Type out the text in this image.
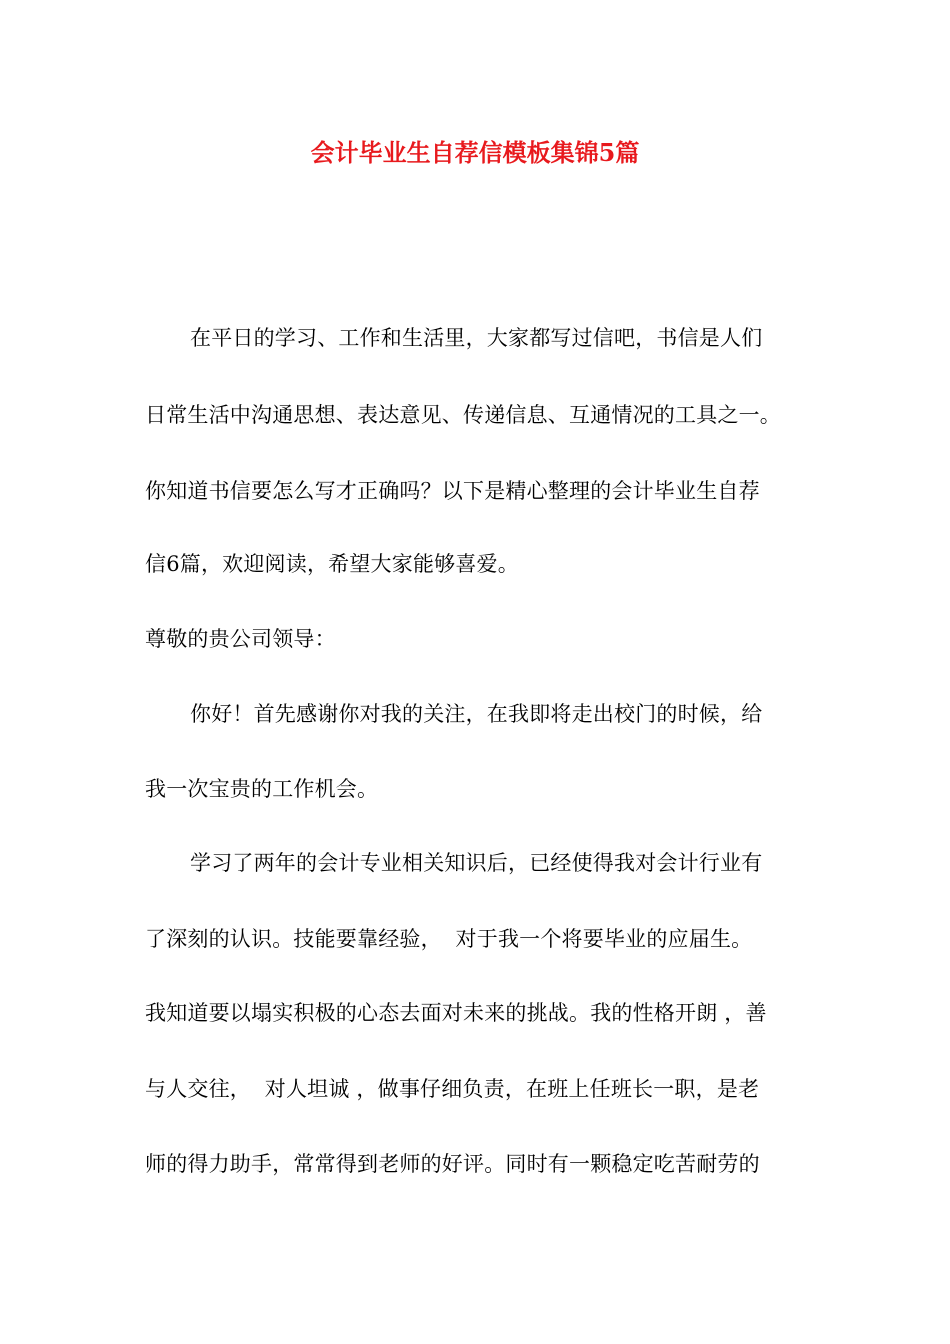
会计毕业生自荐信模板集锦5篇
在平日的学习、工作和生活里，大家都写过信吧，书信是人们
日常生活中沟通思想、表达意见、传递信息、互通情况的工具之一。
你知道书信要怎么写才正确吗？以下是精心整理的会计毕业生自荐
信6篇，欢迎阅读，希望大家能够喜爱。
尊敬的贵公司领导：
你好！首先感谢你对我的关注，在我即将走出校门的时候，给
我一次宝贵的工作机会。
学习了两年的会计专业相关知识后，已经使得我对会计行业有
了深刻的认识。技能要靠经验，  对于我一个将要毕业的应届生。
我知道要以塌实积极的心态去面对未来的挑战。我的性格开朗 ，善
与人交往，  对人坦诚 ，做事仔细负责，在班上任班长一职，是老
师的得力助手，常常得到老师的好评。同时有一颗稳定吃苦耐劳的
